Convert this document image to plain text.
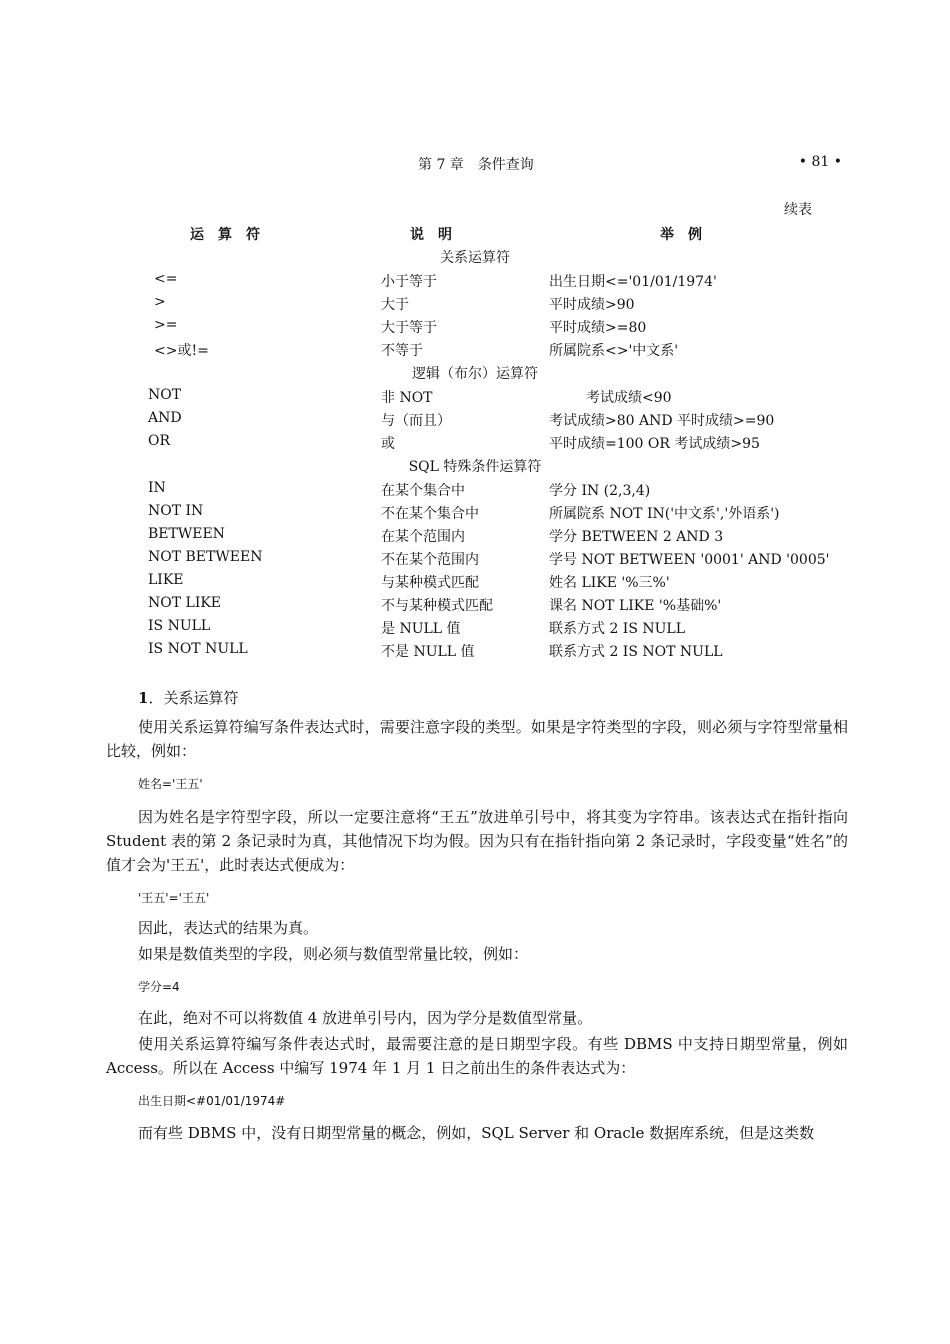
第 7 章　条件查询	• 81 •
续表
运算符	说明	举例
关系运算符
<=	小于等于	出生日期<='01/01/1974'
>	大于	平时成绩>90
>=	大于等于	平时成绩>=80
<>或!=	不等于	所属院系<>'中文系'
逻辑（布尔）运算符
NOT	非 NOT	考试成绩<90
AND	与（而且）	考试成绩>80 AND 平时成绩>=90
OR	或	平时成绩=100 OR 考试成绩>95
SQL 特殊条件运算符
IN	在某个集合中	学分 IN (2,3,4)
NOT IN	不在某个集合中	所属院系 NOT IN('中文系','外语系')
BETWEEN	在某个范围内	学分 BETWEEN 2 AND 3
NOT BETWEEN	不在某个范围内	学号 NOT BETWEEN '0001' AND '0005'
LIKE	与某种模式匹配	姓名 LIKE '%三%'
NOT LIKE	不与某种模式匹配	课名 NOT LIKE '%基础%'
IS NULL	是 NULL 值	联系方式 2 IS NULL
IS NOT NULL	不是 NULL 值	联系方式 2 IS NOT NULL
1．关系运算符

使用关系运算符编写条件表达式时，需要注意字段的类型。如果是字符类型的字段，则必须与字符型常量相比较，例如：

姓名='王五'

因为姓名是字符型字段，所以一定要注意将“王五”放进单引号中，将其变为字符串。该表达式在指针指向 Student 表的第 2 条记录时为真，其他情况下均为假。因为只有在指针指向第 2 条记录时，字段变量“姓名”的值才会为'王五'，此时表达式便成为：

'王五'='王五'

因此，表达式的结果为真。

如果是数值类型的字段，则必须与数值型常量比较，例如：

学分=4

在此，绝对不可以将数值 4 放进单引号内，因为学分是数值型常量。

使用关系运算符编写条件表达式时，最需要注意的是日期型字段。有些 DBMS 中支持日期型常量，例如 Access。所以在 Access 中编写 1974 年 1 月 1 日之前出生的条件表达式为：

出生日期<#01/01/1974#

而有些 DBMS 中，没有日期型常量的概念，例如，SQL Server 和 Oracle 数据库系统，但是这类数
